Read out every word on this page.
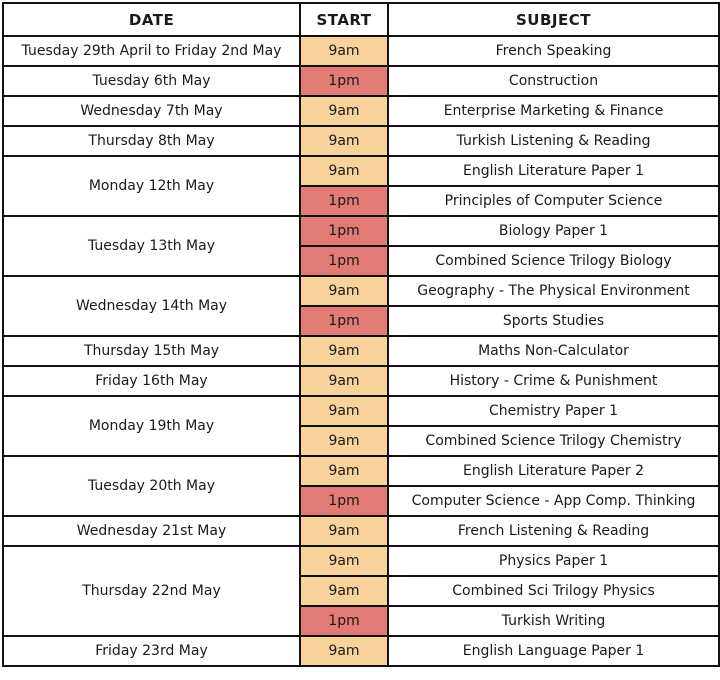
DATE	START	SUBJECT
Tuesday 29th April to Friday 2nd May	9am	French Speaking
Tuesday 6th May	1pm	Construction
Wednesday 7th May	9am	Enterprise Marketing & Finance
Thursday 8th May	9am	Turkish Listening & Reading
Monday 12th May	9am	English Literature Paper 1
	1pm	Principles of Computer Science
Tuesday 13th May	1pm	Biology Paper 1
	1pm	Combined Science Trilogy Biology
Wednesday 14th May	9am	Geography - The Physical Environment
	1pm	Sports Studies
Thursday 15th May	9am	Maths Non-Calculator
Friday 16th May	9am	History - Crime & Punishment
Monday 19th May	9am	Chemistry Paper 1
	9am	Combined Science Trilogy Chemistry
Tuesday 20th May	9am	English Literature Paper 2
	1pm	Computer Science - App Comp. Thinking
Wednesday 21st May	9am	French Listening & Reading
Thursday 22nd May	9am	Physics Paper 1
	9am	Combined Sci Trilogy Physics
	1pm	Turkish Writing
Friday 23rd May	9am	English Language Paper 1
